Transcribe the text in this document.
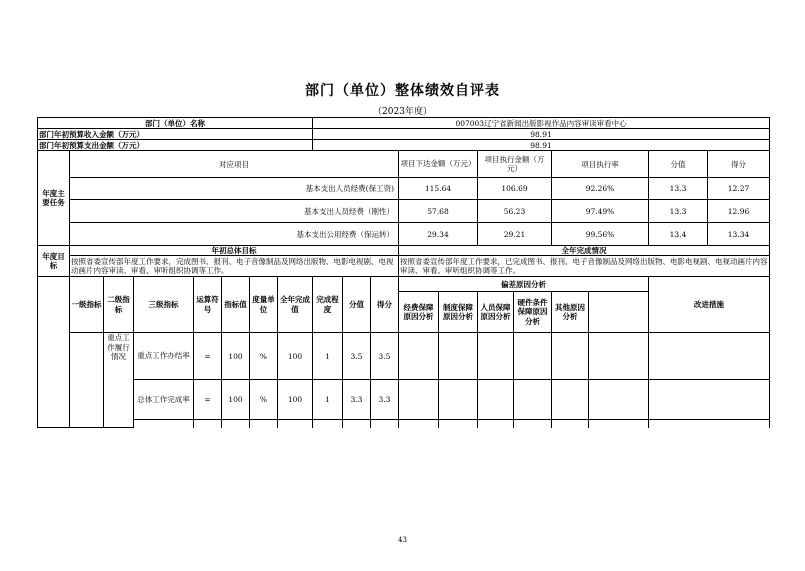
部门（单位）整体绩效自评表
（2023年度）
部门（单位）名称								007003辽宁省新闻出版影视作品内容审读审看中心										
部门年初预算收入金额（万元）								98.91										
部门年初预算支出金额（万元）								98.91										
年度主要任务	对应项目										项目下达金额（万元）		项目执行金额（万元）		项目执行率		分值	得分
	基本支出人员经费(保工资)										115.64		106.69		92.26%		13.3	12.27
	基本支出人员经费（刚性）										57.68		56.23		97.49%		13.3	12.96
	基本支出公用经费（保运转）										29.34		29.21		99.56%		13.4	13.34
年度目标	年初总体目标										全年完成情况							
	按照省委宣传部年度工作要求，完成图书、报刊、电子音像制品及网络出版物、电影电视剧、电视动画片内容审读、审看，审听组织协调等工作。										按照省委宣传部年度工作要求，已完成图书、报刊、电子音像制品及网络出版物、电影电视剧、电视动画片内容审读、审看、审听组织协调等工作。							
	一级指标	二级指标	三级指标	运算符号	指标值	度量单位	全年完成值	完成程度	分值	得分	偏差原因分析						改进措施	
											经费保障原因分析	制度保障原因分析	人员保障原因分析	硬件条件保障原因分析	其他原因分析			
		重点工作履行情况	重点工作办结率	=	100	%	100	1	3.5	3.5								
			总体工作完成率	=	100	%	100	1	3.3	3.3								

43
